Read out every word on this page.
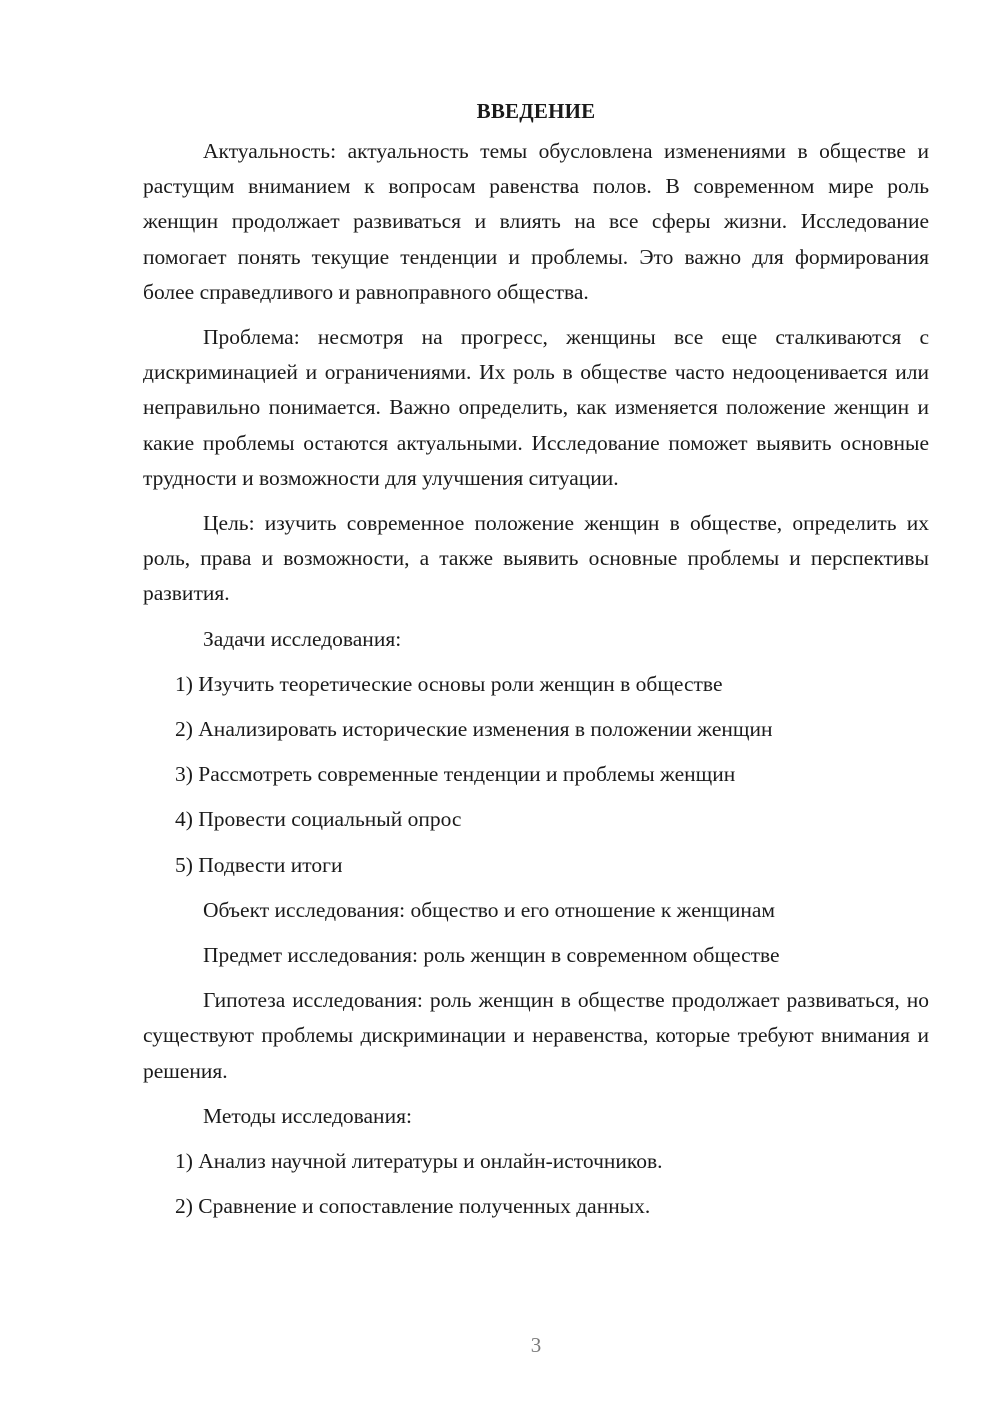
ВВЕДЕНИЕ

Актуальность: актуальность темы обусловлена изменениями в обществе и растущим вниманием к вопросам равенства полов. В современном мире роль женщин продолжает развиваться и влиять на все сферы жизни. Исследование помогает понять текущие тенденции и проблемы. Это важно для формирования более справедливого и равноправного общества.

Проблема: несмотря на прогресс, женщины все еще сталкиваются с дискриминацией и ограничениями. Их роль в обществе часто недооценивается или неправильно понимается. Важно определить, как изменяется положение женщин и какие проблемы остаются актуальными. Исследование поможет выявить основные трудности и возможности для улучшения ситуации.

Цель: изучить современное положение женщин в обществе, определить их роль, права и возможности, а также выявить основные проблемы и перспективы развития.

Задачи исследования:

1) Изучить теоретические основы роли женщин в обществе

2) Анализировать исторические изменения в положении женщин

3) Рассмотреть современные тенденции и проблемы женщин

4) Провести социальный опрос

5) Подвести итоги

Объект исследования: общество и его отношение к женщинам

Предмет исследования: роль женщин в современном обществе

Гипотеза исследования: роль женщин в обществе продолжает развиваться, но существуют проблемы дискриминации и неравенства, которые требуют внимания и решения.

Методы исследования:

1) Анализ научной литературы и онлайн-источников.

2) Сравнение и сопоставление полученных данных.

3
